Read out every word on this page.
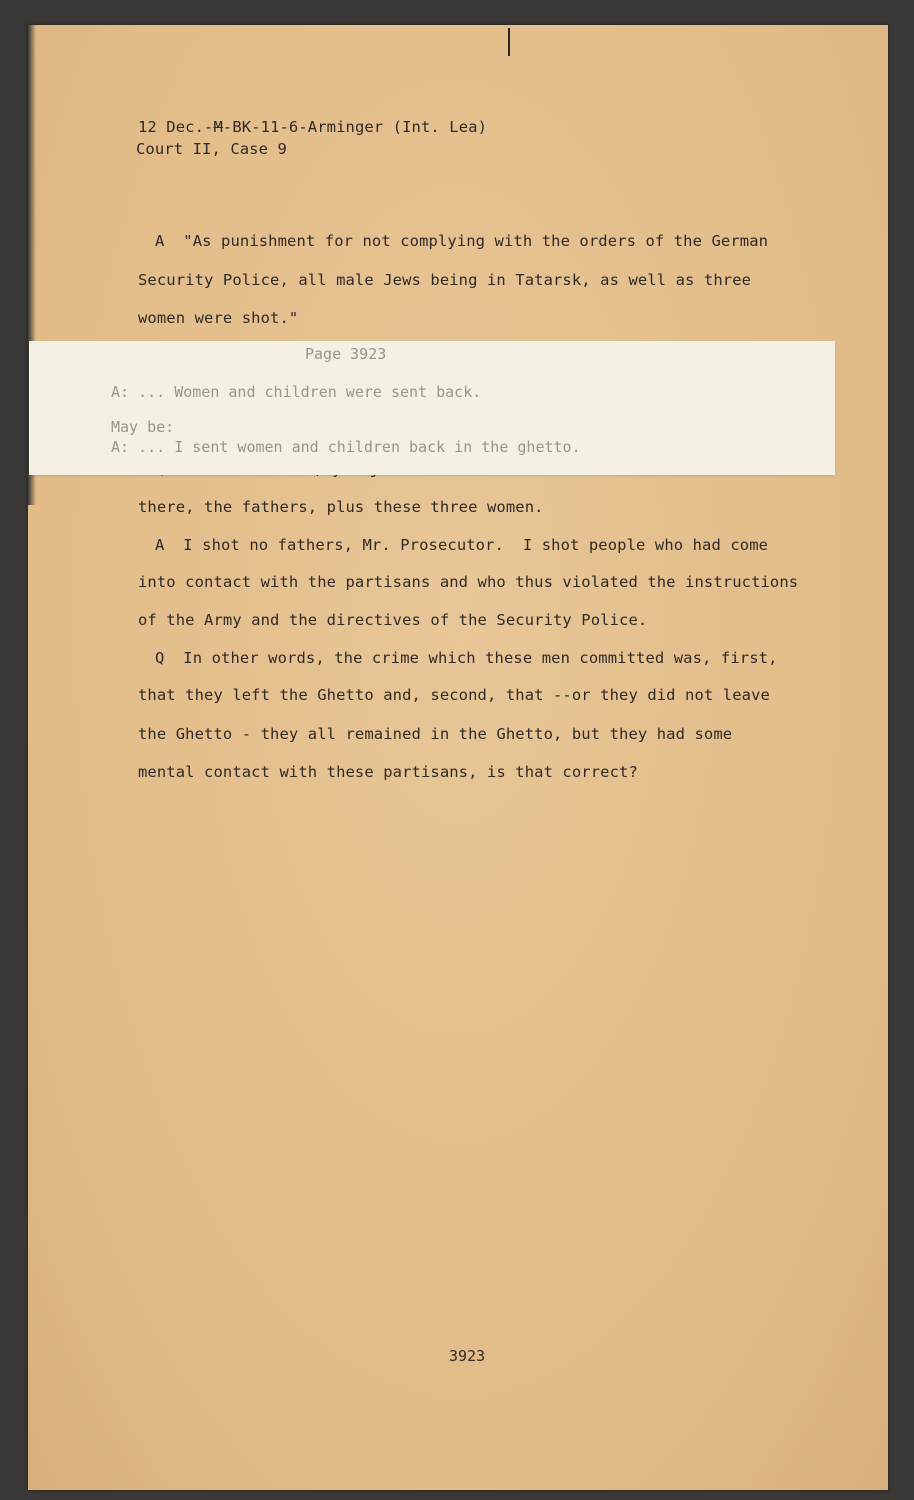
12 Dec.-M-BK-11-6-Arminger (Int. Lea)
Court II, Case 9
A  "As punishment for not complying with the orders of the German
Security Police, all male Jews being in Tatarsk, as well as three
women were shot."
there, the fathers, plus these three women.
A  I shot no fathers, Mr. Prosecutor.  I shot people who had come
into contact with the partisans and who thus violated the instructions
of the Army and the directives of the Security Police.
Q  In other words, the crime which these men committed was, first,
that they left the Ghetto and, second, that --or they did not leave
the Ghetto - they all remained in the Ghetto, but they had some
mental contact with these partisans, is that correct?
Page 3923
A: ... Women and children were sent back.
May be:
A: ... I sent women and children back in the ghetto.
3923
